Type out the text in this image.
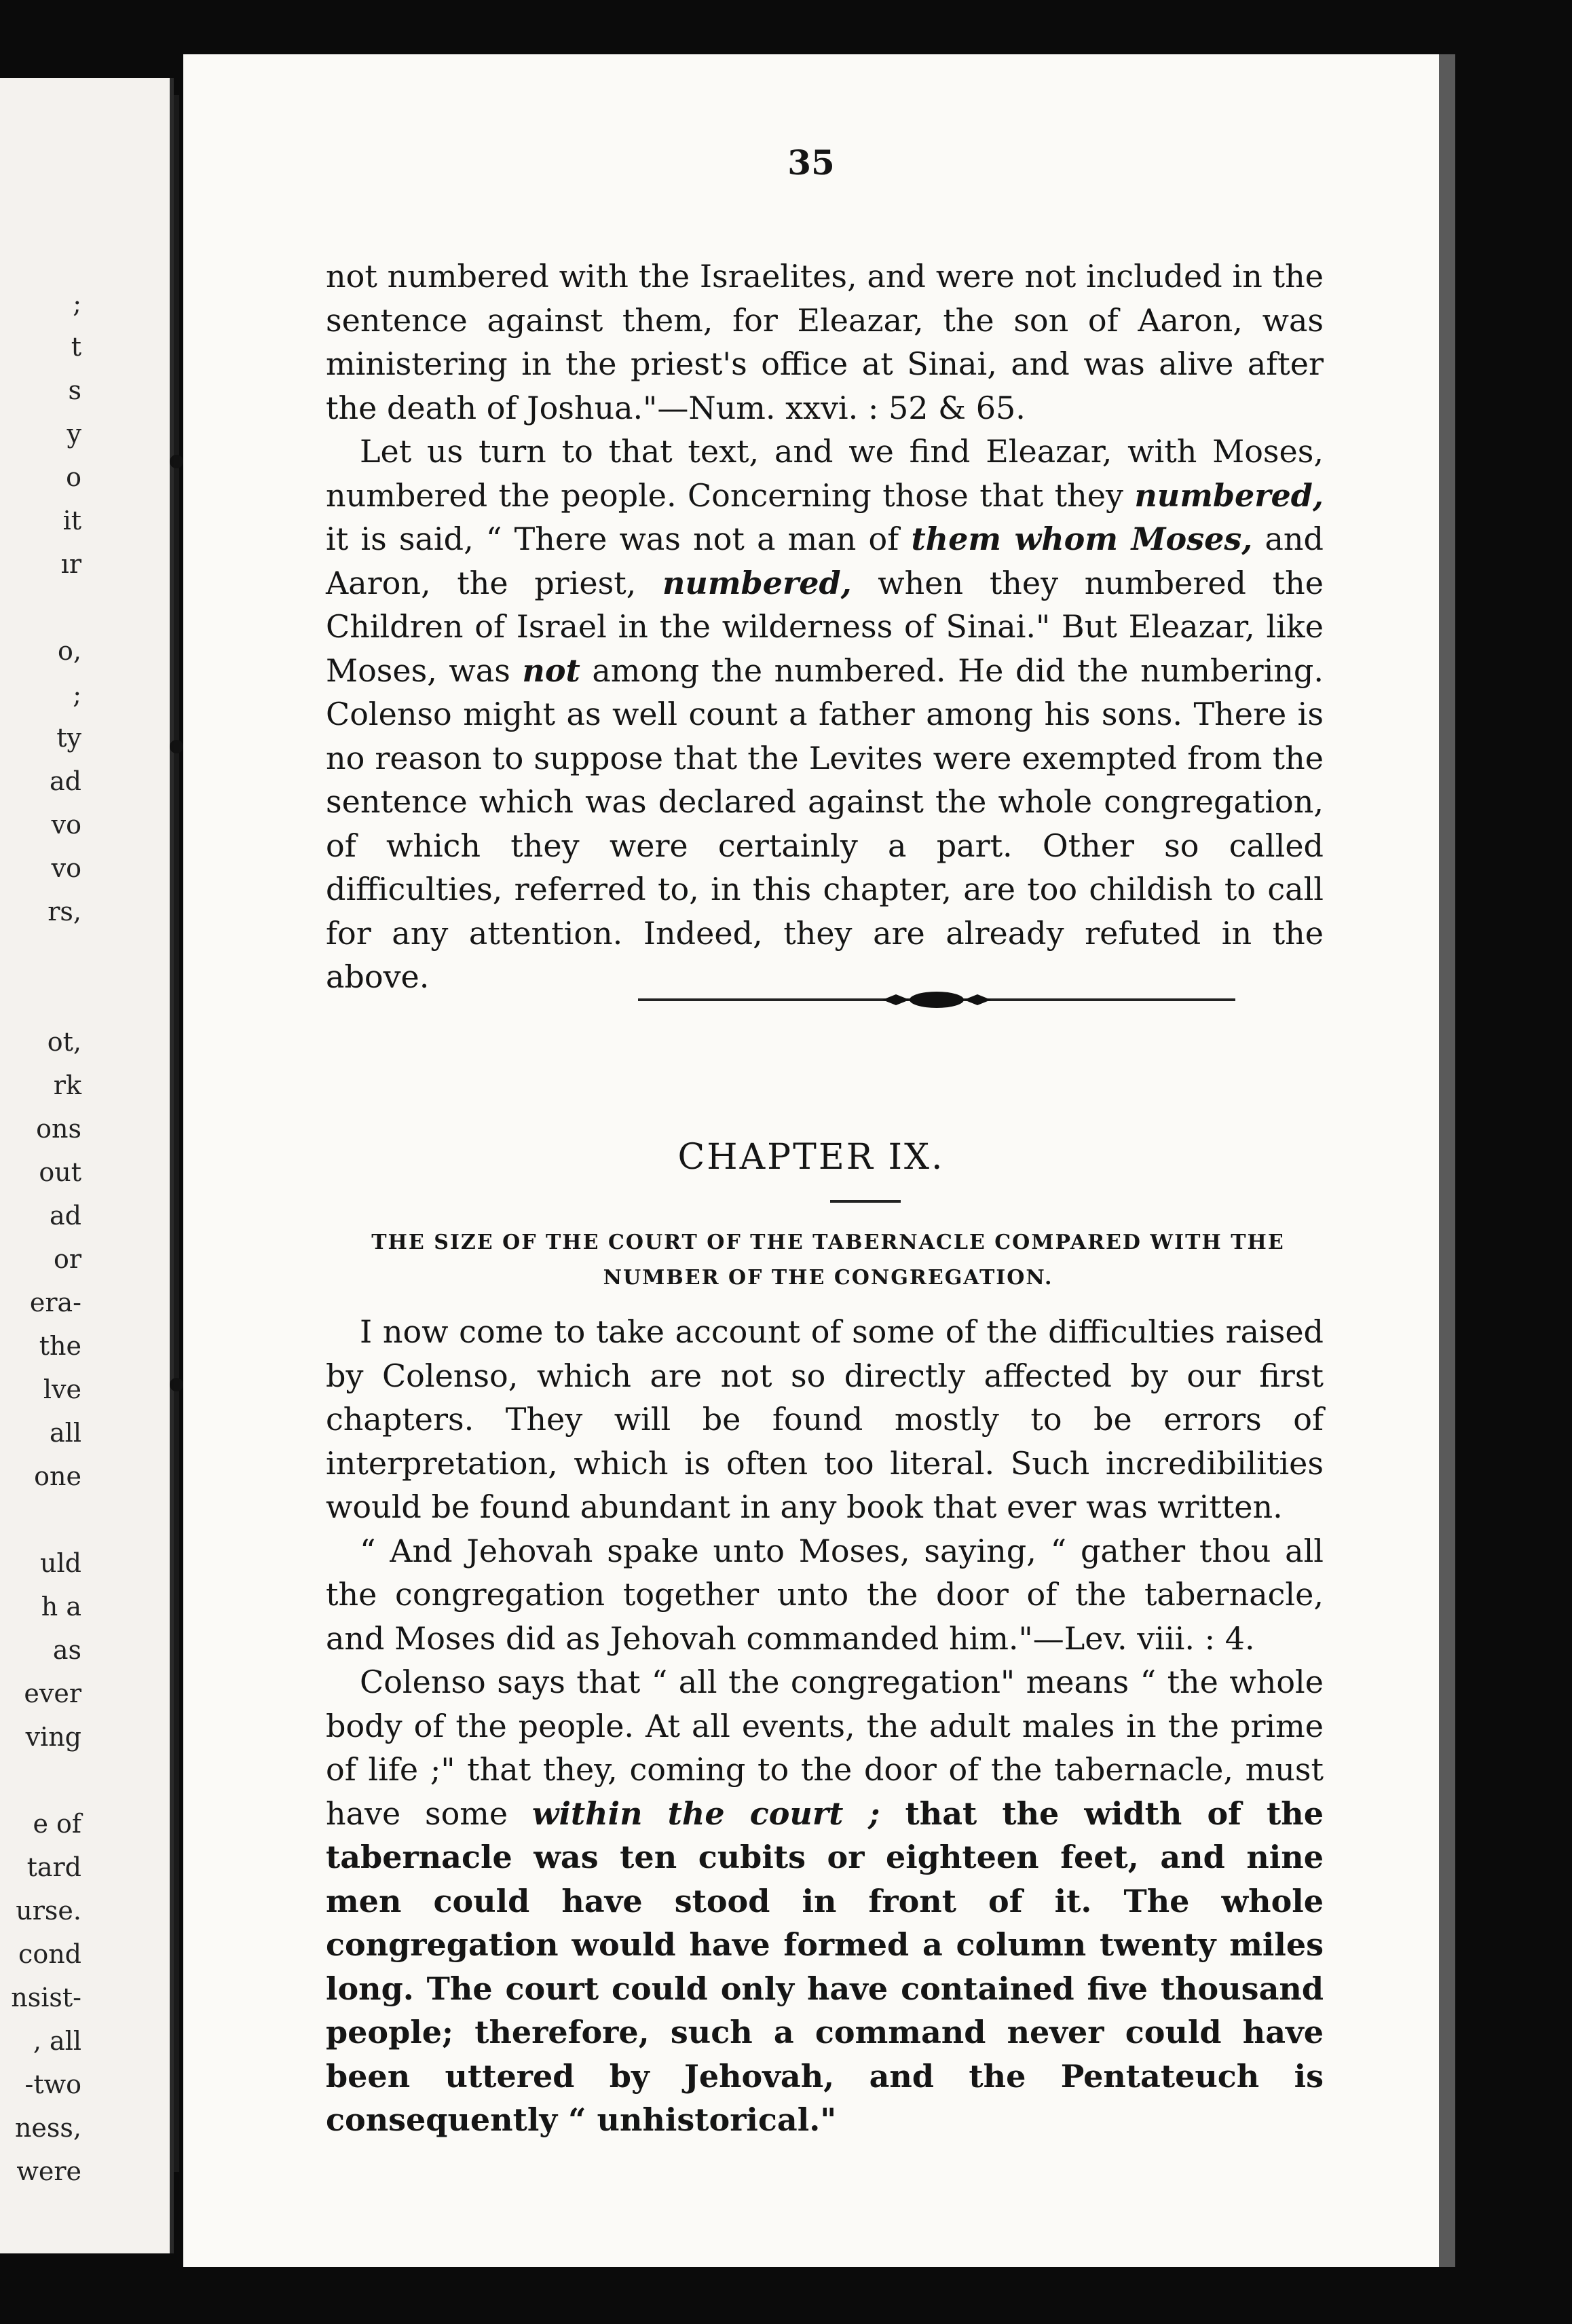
;
t
s
y
o
it
ır

o,
;
ty
ad
vo
vo
rs,

ot,
rk
ons
out
ad
or
era-
the
lve
all
one

uld
h a
as
ever
ving

e of
tard
urse.
cond
nsist-
, all
-two
ness,
were
35

not numbered with the Israelites, and were not included in the sentence against them, for Eleazar, the son of Aaron, was ministering in the priest's office at Sinai, and was alive after the death of Joshua."—Num. xxvi. : 52 & 65.

Let us turn to that text, and we find Eleazar, with Moses, numbered the people. Concerning those that they numbered, it is said, “ There was not a man of them whom Moses, and Aaron, the priest, numbered, when they numbered the Children of Israel in the wilderness of Sinai." But Eleazar, like Moses, was not among the numbered. He did the numbering. Colenso might as well count a father among his sons. There is no reason to suppose that the Levites were exempted from the sentence which was declared against the whole congregation, of which they were certainly a part. Other so called difficulties, referred to, in this chapter, are too childish to call for any attention. Indeed, they are already refuted in the above.

CHAPTER IX.
THE SIZE OF THE COURT OF THE TABERNACLE COMPARED WITH THE NUMBER OF THE CONGREGATION.

I now come to take account of some of the difficulties raised by Colenso, which are not so directly affected by our first chapters. They will be found mostly to be errors of interpretation, which is often too literal. Such incredibilities would be found abundant in any book that ever was written.

“ And Jehovah spake unto Moses, saying, “ gather thou all the congregation together unto the door of the tabernacle, and Moses did as Jehovah commanded him."—Lev. viii. : 4.

Colenso says that “ all the congregation" means “ the whole body of the people. At all events, the adult males in the prime of life ;" that they, coming to the door of the tabernacle, must have some within the court ; that the width of the tabernacle was ten cubits or eighteen feet, and nine men could have stood in front of it. The whole congregation would have formed a column twenty miles long. The court could only have contained five thousand people; therefore, such a command never could have been uttered by Jehovah, and the Pentateuch is consequently “ unhistorical."
